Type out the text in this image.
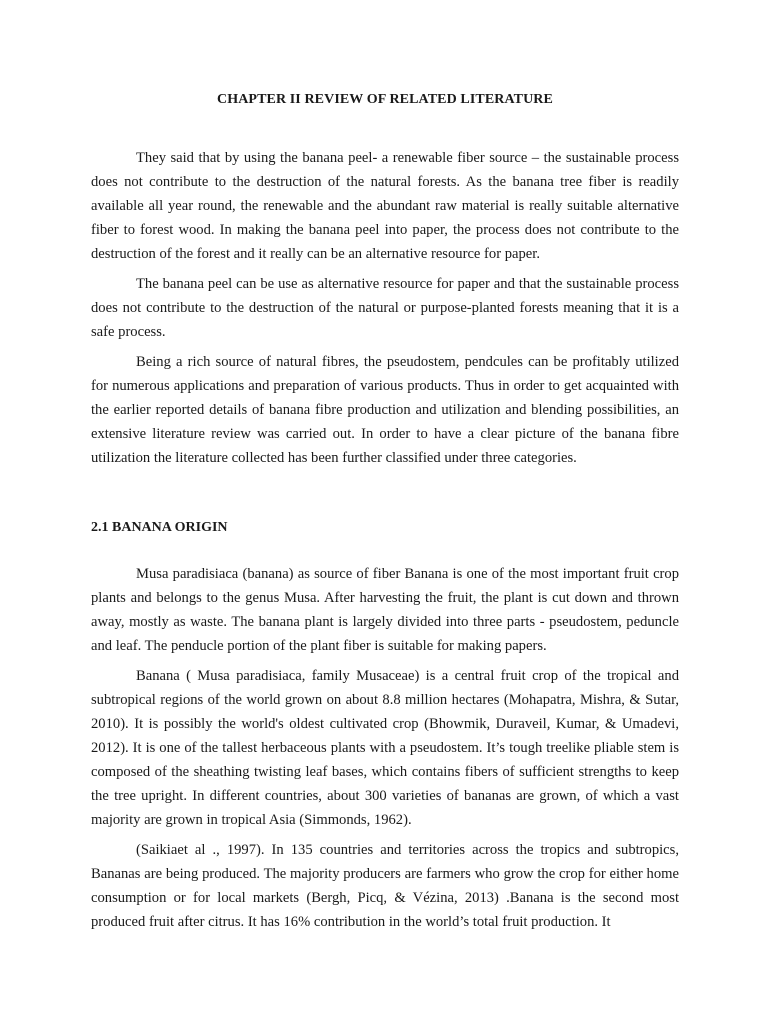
CHAPTER II REVIEW OF RELATED LITERATURE

They said that by using the banana peel- a renewable fiber source – the sustainable process does not contribute to the destruction of the natural forests. As the banana tree fiber is readily available all year round, the renewable and the abundant raw material is really suitable alternative fiber to forest wood. In making the banana peel into paper, the process does not contribute to the destruction of the forest and it really can be an alternative resource for paper.

The banana peel can be use as alternative resource for paper and that the sustainable process does not contribute to the destruction of the natural or purpose-planted forests meaning that it is a safe process.

Being a rich source of natural fibres, the pseudostem, pendcules can be profitably utilized for numerous applications and preparation of various products. Thus in order to get acquainted with the earlier reported details of banana fibre production and utilization and blending possibilities, an extensive literature review was carried out. In order to have a clear picture of the banana fibre utilization the literature collected has been further classified under three categories.

2.1 BANANA ORIGIN

Musa paradisiaca (banana) as source of fiber Banana is one of the most important fruit crop plants and belongs to the genus Musa. After harvesting the fruit, the plant is cut down and thrown away, mostly as waste. The banana plant is largely divided into three parts - pseudostem, peduncle and leaf. The penducle portion of the plant fiber is suitable for making papers.

Banana ( Musa paradisiaca, family Musaceae) is a central fruit crop of the tropical and subtropical regions of the world grown on about 8.8 million hectares (Mohapatra, Mishra, & Sutar, 2010). It is possibly the world's oldest cultivated crop (Bhowmik, Duraveil, Kumar, & Umadevi, 2012). It is one of the tallest herbaceous plants with a pseudostem. It’s tough treelike pliable stem is composed of the sheathing twisting leaf bases, which contains fibers of sufficient strengths to keep the tree upright. In different countries, about 300 varieties of bananas are grown, of which a vast majority are grown in tropical Asia (Simmonds, 1962).

(Saikiaet al ., 1997). In 135 countries and territories across the tropics and subtropics, Bananas are being produced. The majority producers are farmers who grow the crop for either home consumption or for local markets (Bergh, Picq, & Vézina, 2013) .Banana is the second most produced fruit after citrus. It has 16% contribution in the world’s total fruit production. It
